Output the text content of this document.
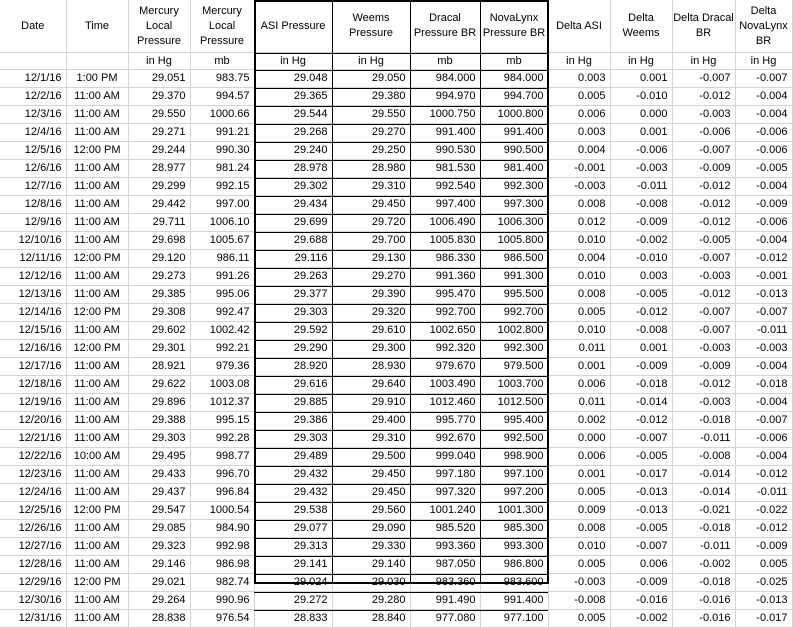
Date	Time	Mercury Local Pressure	Mercury Local Pressure	ASI Pressure	Weems Pressure	Dracal Pressure BR	NovaLynx Pressure BR	Delta ASI	Delta Weems	Delta Dracal BR	Delta NovaLynx BR
		in Hg	mb	in Hg	in Hg	mb	mb	in Hg	in Hg	in Hg	in Hg
12/1/16	1:00 PM	29.051	983.75	29.048	29.050	984.000	984.000	0.003	0.001	-0.007	-0.007
12/2/16	11:00 AM	29.370	994.57	29.365	29.380	994.970	994.700	0.005	-0.010	-0.012	-0.004
12/3/16	11:00 AM	29.550	1000.66	29.544	29.550	1000.750	1000.800	0.006	0.000	-0.003	-0.004
12/4/16	11:00 AM	29.271	991.21	29.268	29.270	991.400	991.400	0.003	0.001	-0.006	-0.006
12/5/16	12:00 PM	29.244	990.30	29.240	29.250	990.530	990.500	0.004	-0.006	-0.007	-0.006
12/6/16	11:00 AM	28.977	981.24	28.978	28.980	981.530	981.400	-0.001	-0.003	-0.009	-0.005
12/7/16	11:00 AM	29.299	992.15	29.302	29.310	992.540	992.300	-0.003	-0.011	-0.012	-0.004
12/8/16	11:00 AM	29.442	997.00	29.434	29.450	997.400	997.300	0.008	-0.008	-0.012	-0.009
12/9/16	11:00 AM	29.711	1006.10	29.699	29.720	1006.490	1006.300	0.012	-0.009	-0.012	-0.006
12/10/16	11:00 AM	29.698	1005.67	29.688	29.700	1005.830	1005.800	0.010	-0.002	-0.005	-0.004
12/11/16	12:00 PM	29.120	986.11	29.116	29.130	986.330	986.500	0.004	-0.010	-0.007	-0.012
12/12/16	11:00 AM	29.273	991.26	29.263	29.270	991.360	991.300	0.010	0.003	-0.003	-0.001
12/13/16	11:00 AM	29.385	995.06	29.377	29.390	995.470	995.500	0.008	-0.005	-0.012	-0.013
12/14/16	12:00 PM	29.308	992.47	29.303	29.320	992.700	992.700	0.005	-0.012	-0.007	-0.007
12/15/16	11:00 AM	29.602	1002.42	29.592	29.610	1002.650	1002.800	0.010	-0.008	-0.007	-0.011
12/16/16	12:00 PM	29.301	992.21	29.290	29.300	992.320	992.300	0.011	0.001	-0.003	-0.003
12/17/16	11:00 AM	28.921	979.36	28.920	28.930	979.670	979.500	0.001	-0.009	-0.009	-0.004
12/18/16	11:00 AM	29.622	1003.08	29.616	29.640	1003.490	1003.700	0.006	-0.018	-0.012	-0.018
12/19/16	11:00 AM	29.896	1012.37	29.885	29.910	1012.460	1012.500	0.011	-0.014	-0.003	-0.004
12/20/16	11:00 AM	29.388	995.15	29.386	29.400	995.770	995.400	0.002	-0.012	-0.018	-0.007
12/21/16	11:00 AM	29.303	992.28	29.303	29.310	992.670	992.500	0.000	-0.007	-0.011	-0.006
12/22/16	10:00 AM	29.495	998.77	29.489	29.500	999.040	998.900	0.006	-0.005	-0.008	-0.004
12/23/16	11:00 AM	29.433	996.70	29.432	29.450	997.180	997.100	0.001	-0.017	-0.014	-0.012
12/24/16	11:00 AM	29.437	996.84	29.432	29.450	997.320	997.200	0.005	-0.013	-0.014	-0.011
12/25/16	12:00 PM	29.547	1000.54	29.538	29.560	1001.240	1001.300	0.009	-0.013	-0.021	-0.022
12/26/16	11:00 AM	29.085	984.90	29.077	29.090	985.520	985.300	0.008	-0.005	-0.018	-0.012
12/27/16	11:00 AM	29.323	992.98	29.313	29.330	993.360	993.300	0.010	-0.007	-0.011	-0.009
12/28/16	11:00 AM	29.146	986.98	29.141	29.140	987.050	986.800	0.005	0.006	-0.002	0.005
12/29/16	12:00 PM	29.021	982.74	29.024	29.030	983.360	983.600	-0.003	-0.009	-0.018	-0.025
12/30/16	11:00 AM	29.264	990.96	29.272	29.280	991.490	991.400	-0.008	-0.016	-0.016	-0.013
12/31/16	11:00 AM	28.838	976.54	28.833	28.840	977.080	977.100	0.005	-0.002	-0.016	-0.017
